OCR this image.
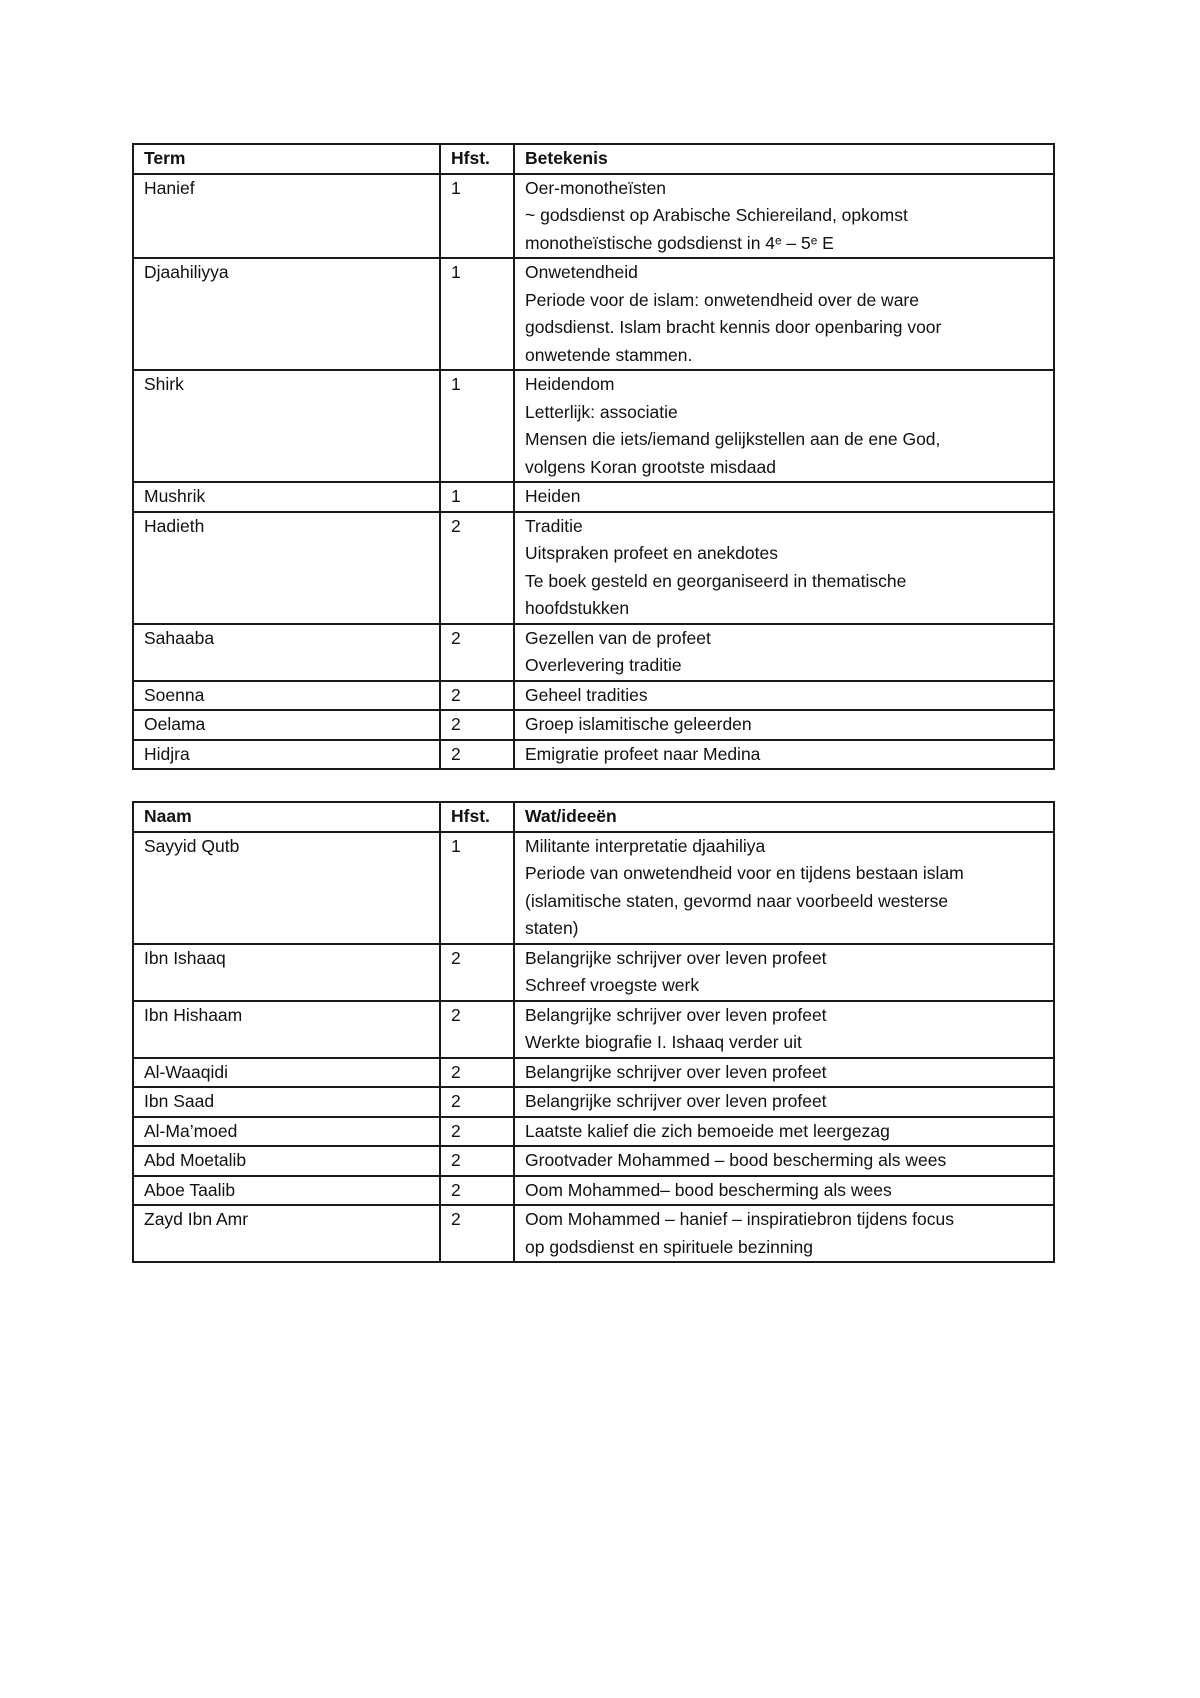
Term	Hfst.	Betekenis
Hanief	1	Oer-monotheïsten
~ godsdienst op Arabische Schiereiland, opkomst
monotheïstische godsdienst in 4ᵉ – 5ᵉ E

Djaahiliyya	1	Onwetendheid
Periode voor de islam: onwetendheid over de ware
godsdienst. Islam bracht kennis door openbaring voor
onwetende stammen.

Shirk	1	Heidendom
Letterlijk: associatie
Mensen die iets/iemand gelijkstellen aan de ene God,
volgens Koran grootste misdaad

Mushrik	1	Heiden

Hadieth	2	Traditie
Uitspraken profeet en anekdotes
Te boek gesteld en georganiseerd in thematische
hoofdstukken

Sahaaba	2	Gezellen van de profeet
Overlevering traditie

Soenna	2	Geheel tradities

Oelama	2	Groep islamitische geleerden

Hidjra	2	Emigratie profeet naar Medina
Naam	Hfst.	Wat/ideeën
Sayyid Qutb	1	Militante interpretatie djaahiliya
Periode van onwetendheid voor en tijdens bestaan islam
(islamitische staten, gevormd naar voorbeeld westerse
staten)

Ibn Ishaaq	2	Belangrijke schrijver over leven profeet
Schreef vroegste werk

Ibn Hishaam	2	Belangrijke schrijver over leven profeet
Werkte biografie I. Ishaaq verder uit

Al-Waaqidi	2	Belangrijke schrijver over leven profeet

Ibn Saad	2	Belangrijke schrijver over leven profeet

Al-Ma’moed	2	Laatste kalief die zich bemoeide met leergezag

Abd Moetalib	2	Grootvader Mohammed – bood bescherming als wees

Aboe Taalib	2	Oom Mohammed– bood bescherming als wees

Zayd Ibn Amr	2	Oom Mohammed – hanief – inspiratiebron tijdens focus
op godsdienst en spirituele bezinning
